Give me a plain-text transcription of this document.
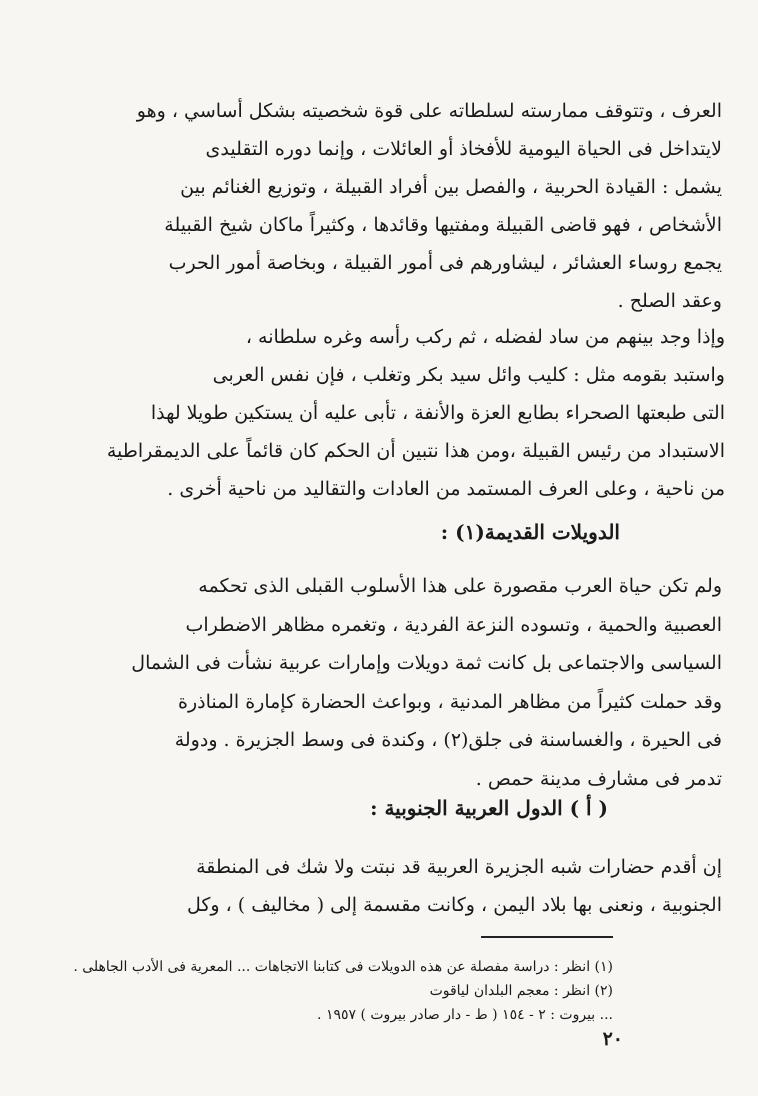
العرف ، وتتوقف ممارسته لسلطاته على قوة شخصيته بشكل أساسي ، وهو
لايتداخل فى الحياة اليومية للأفخاذ أو العائلات ، وإنما دوره التقليدى
يشمل : القيادة الحربية ، والفصل بين أفراد القبيلة ، وتوزيع الغنائم بين
الأشخاص ، فهو قاضى القبيلة ومفتيها وقائدها ، وكثيراً ماكان شيخ القبيلة
يجمع روساء العشائر ، ليشاورهم فى أمور القبيلة ، وبخاصة أمور الحرب
وعقد الصلح .
وإذا وجد بينهم من ساد لفضله ، ثم ركب رأسه وغره سلطانه ،
واستبد بقومه مثل : كليب وائل سيد بكر وتغلب ، فإن نفس العربى
التى طبعتها الصحراء بطابع العزة والأنفة ، تأبى عليه أن يستكين طويلا لهذا
الاستبداد من رئيس القبيلة ،ومن هذا نتبين أن الحكم كان قائماً على الديمقراطية
من ناحية ، وعلى العرف المستمد من العادات والتقاليد من ناحية أخرى .
الدويلات القديمة(١) :
ولم تكن حياة العرب مقصورة على هذا الأسلوب القبلى الذى تحكمه
العصبية والحمية ، وتسوده النزعة الفردية ، وتغمره مظاهر الاضطراب
السياسى والاجتماعى بل كانت ثمة دويلات وإمارات عربية نشأت فى الشمال
وقد حملت كثيراً من مظاهر المدنية ، وبواعث الحضارة كإمارة المناذرة
فى الحيرة ، والغساسنة فى جلق(٢) ، وكندة فى وسط الجزيرة . ودولة
تدمر فى مشارف مدينة حمص .
( أ ) الدول العربية الجنوبية :
إن أقدم حضارات شبه الجزيرة العربية قد نبتت ولا شك فى المنطقة
الجنوبية ، ونعنى بها بلاد اليمن ، وكانت مقسمة إلى ( مخاليف ) ، وكل
(١) انظر : دراسة مفصلة عن هذه الدويلات فى كتابنا الاتجاهات ... المعرية فى الأدب الجاهلى .
(٢) انظر : معجم البلدان لياقوت
... بيروت : ٢ - ١٥٤ ( ط - دار صادر بيروت ) ١٩٥٧ .
٢٠
